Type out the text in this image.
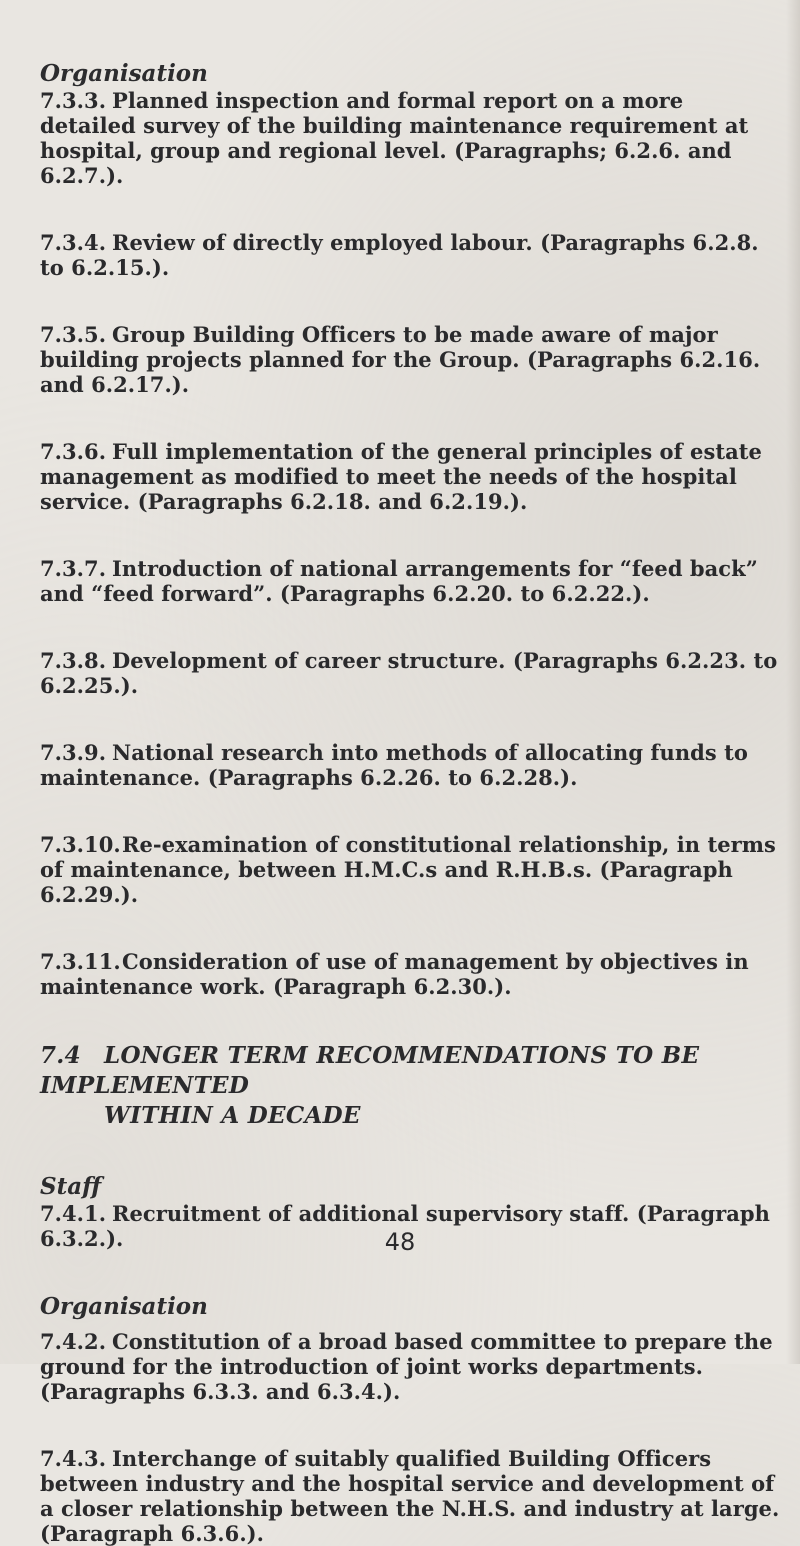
Organisation

7.3.3. Planned inspection and formal report on a more detailed survey of the building maintenance requirement at hospital, group and regional level. (Paragraphs; 6.2.6. and 6.2.7.).

7.3.4. Review of directly employed labour. (Paragraphs 6.2.8. to 6.2.15.).

7.3.5. Group Building Officers to be made aware of major building projects planned for the Group. (Paragraphs 6.2.16. and 6.2.17.).

7.3.6. Full implementation of the general principles of estate management as modified to meet the needs of the hospital service. (Paragraphs 6.2.18. and 6.2.19.).

7.3.7. Introduction of national arrangements for “feed back” and “feed forward”. (Paragraphs 6.2.20. to 6.2.22.).

7.3.8. Development of career structure. (Paragraphs 6.2.23. to 6.2.25.).

7.3.9. National research into methods of allocating funds to maintenance. (Paragraphs 6.2.26. to 6.2.28.).

7.3.10.Re-examination of constitutional relationship, in terms of maintenance, between H.M.C.s and R.H.B.s. (Paragraph 6.2.29.).

7.3.11.Consideration of use of management by objectives in maintenance work. (Paragraph 6.2.30.).

7.4 LONGER TERM RECOMMENDATIONS TO BE IMPLEMENTED
WITHIN A DECADE

Staff

7.4.1. Recruitment of additional supervisory staff. (Paragraph 6.3.2.).

Organisation

7.4.2. Constitution of a broad based committee to prepare the ground for the introduction of joint works departments. (Paragraphs 6.3.3. and 6.3.4.).

7.4.3. Interchange of suitably qualified Building Officers between industry and the hospital service and development of a closer relationship between the N.H.S. and industry at large. (Paragraph 6.3.6.).

48
